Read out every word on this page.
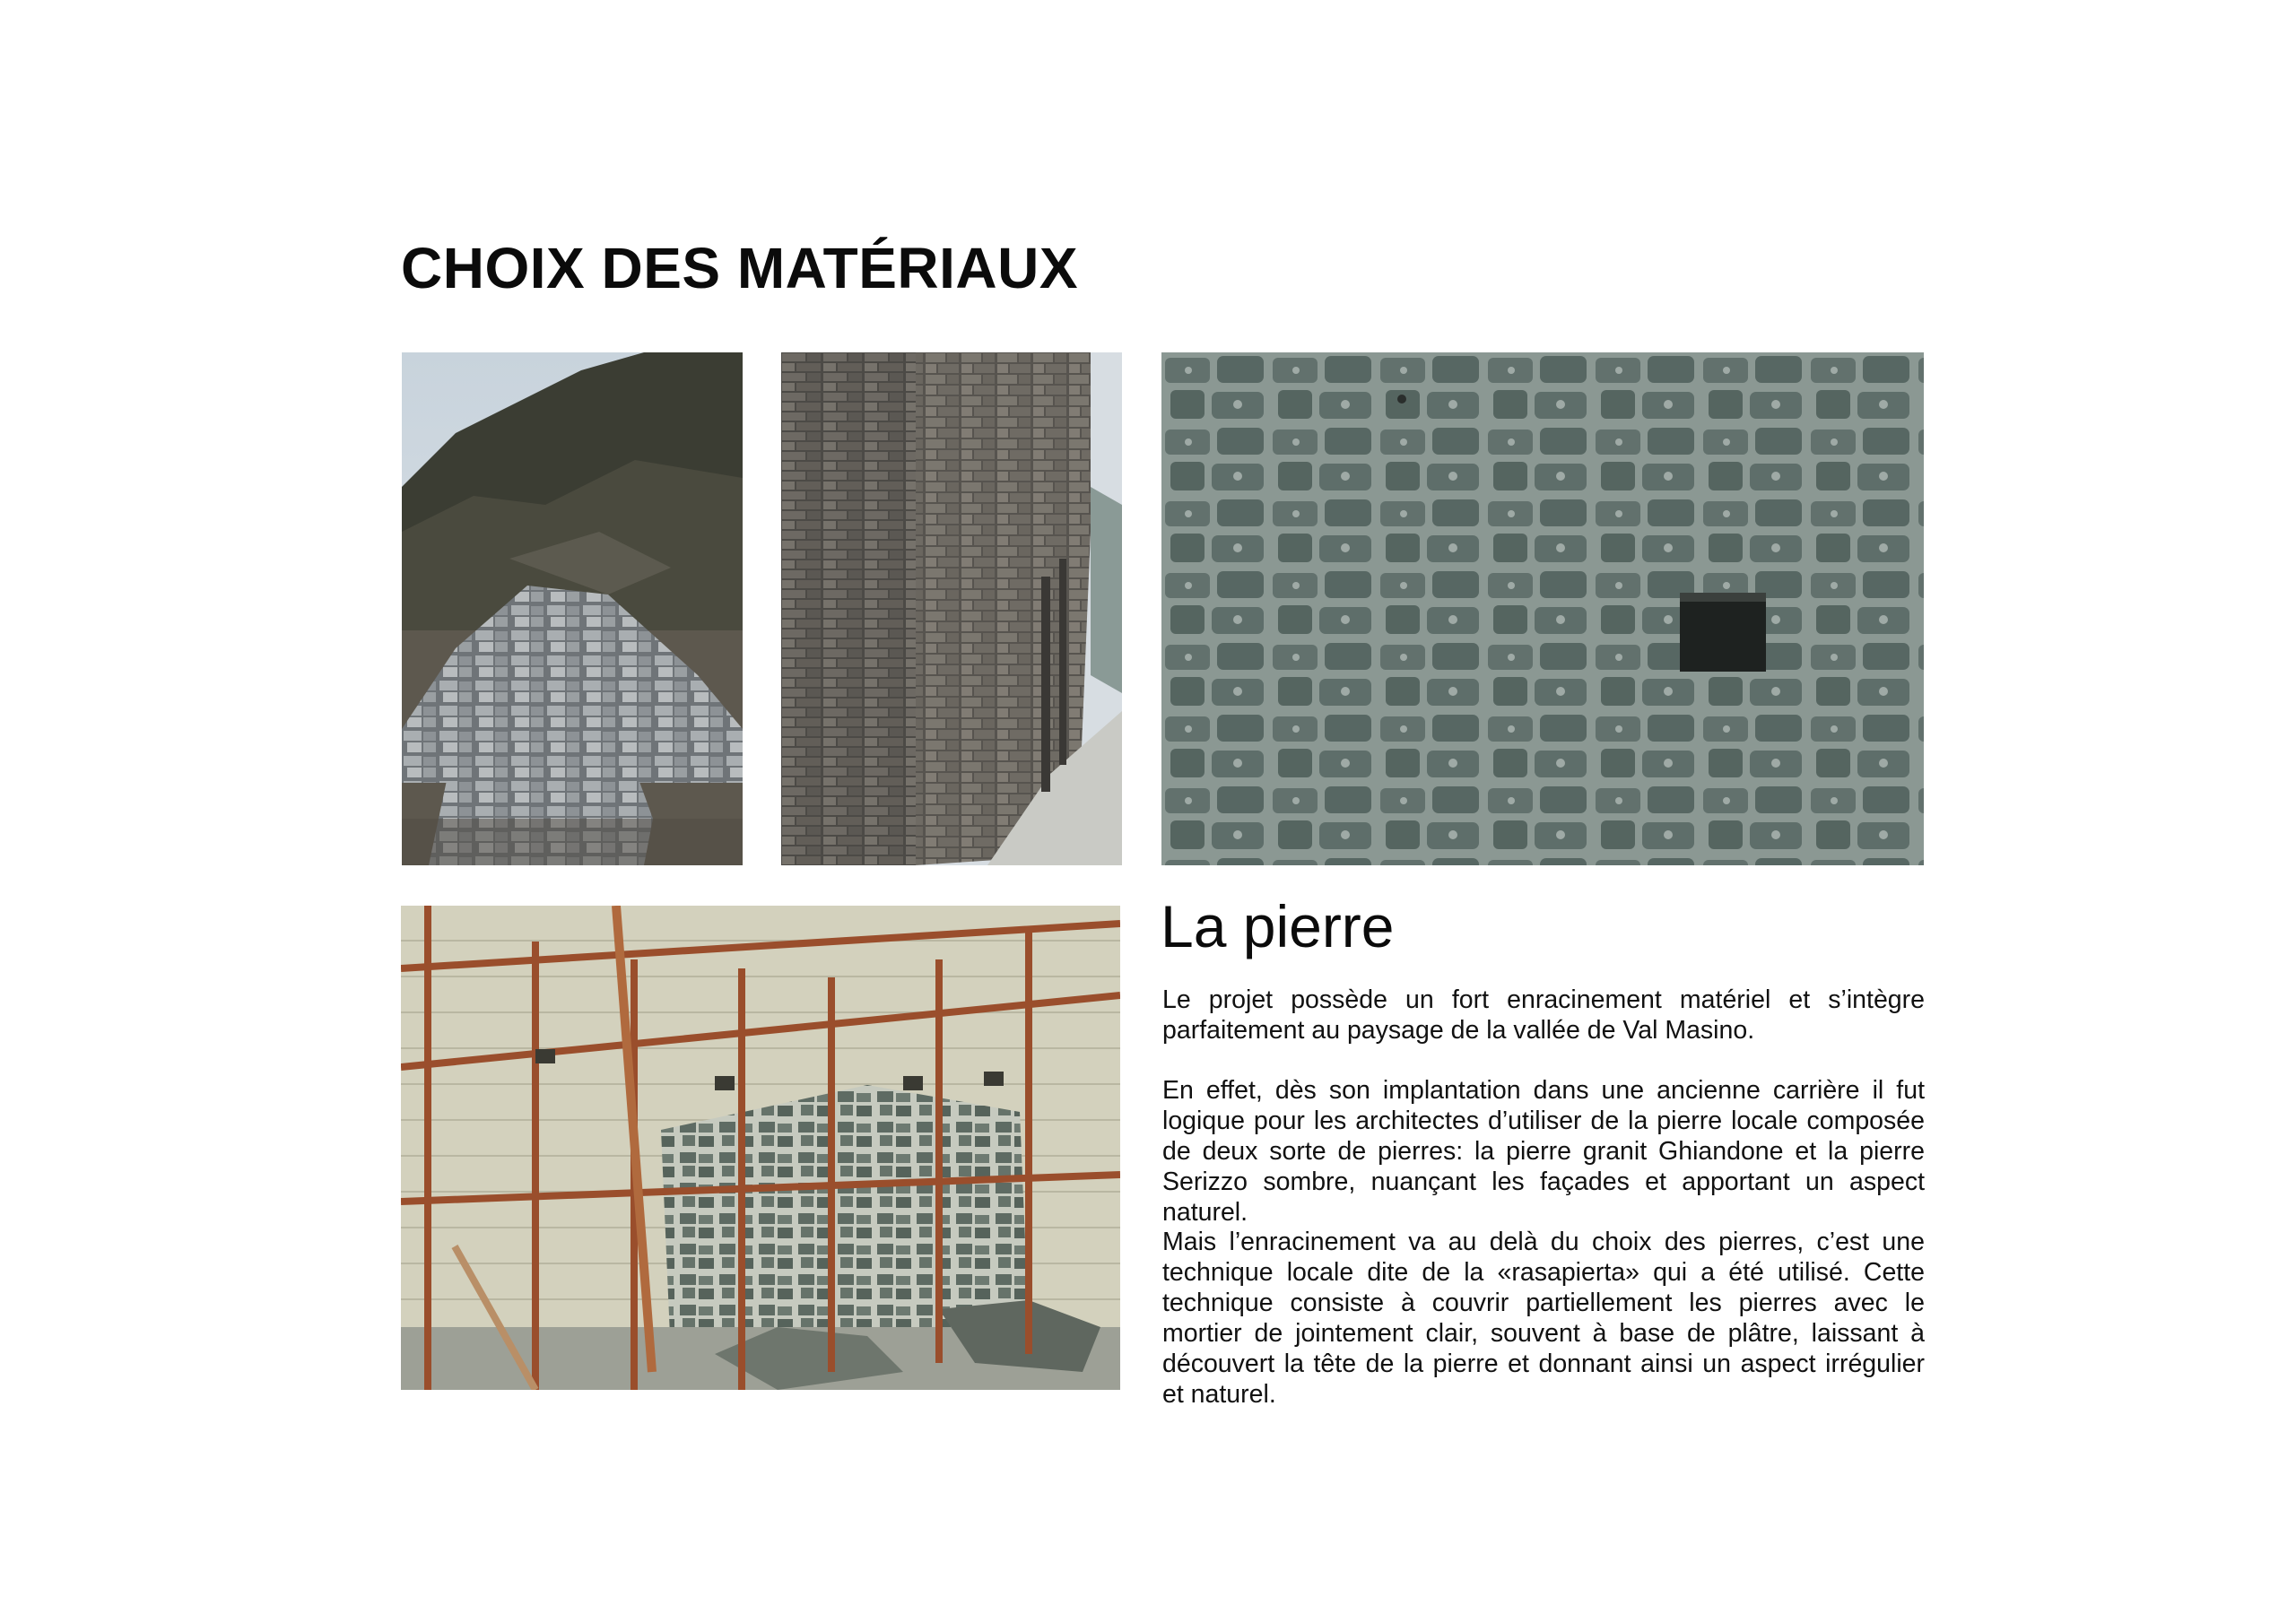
CHOIX DES MATÉRIAUX
La pierre

Le projet possède un fort enracinement matériel et s’intègre parfaitement au paysage de la vallée de Val Masino.

En effet, dès son implantation dans une ancienne carrière il fut logique pour les architectes d’utiliser de la pierre locale composée de deux sorte de pierres: la pierre granit Ghiandone et la pierre Serizzo sombre, nuançant les façades et apportant un aspect naturel.

Mais l’enracinement va au delà du choix des pierres, c’est une technique locale dite de la «rasapierta» qui a été utilisé. Cette technique consiste à couvrir partiellement les pierres avec le mortier de jointement clair, souvent à base de plâtre, laissant à découvert la tête de la pierre et donnant ainsi un aspect irrégulier et naturel.
